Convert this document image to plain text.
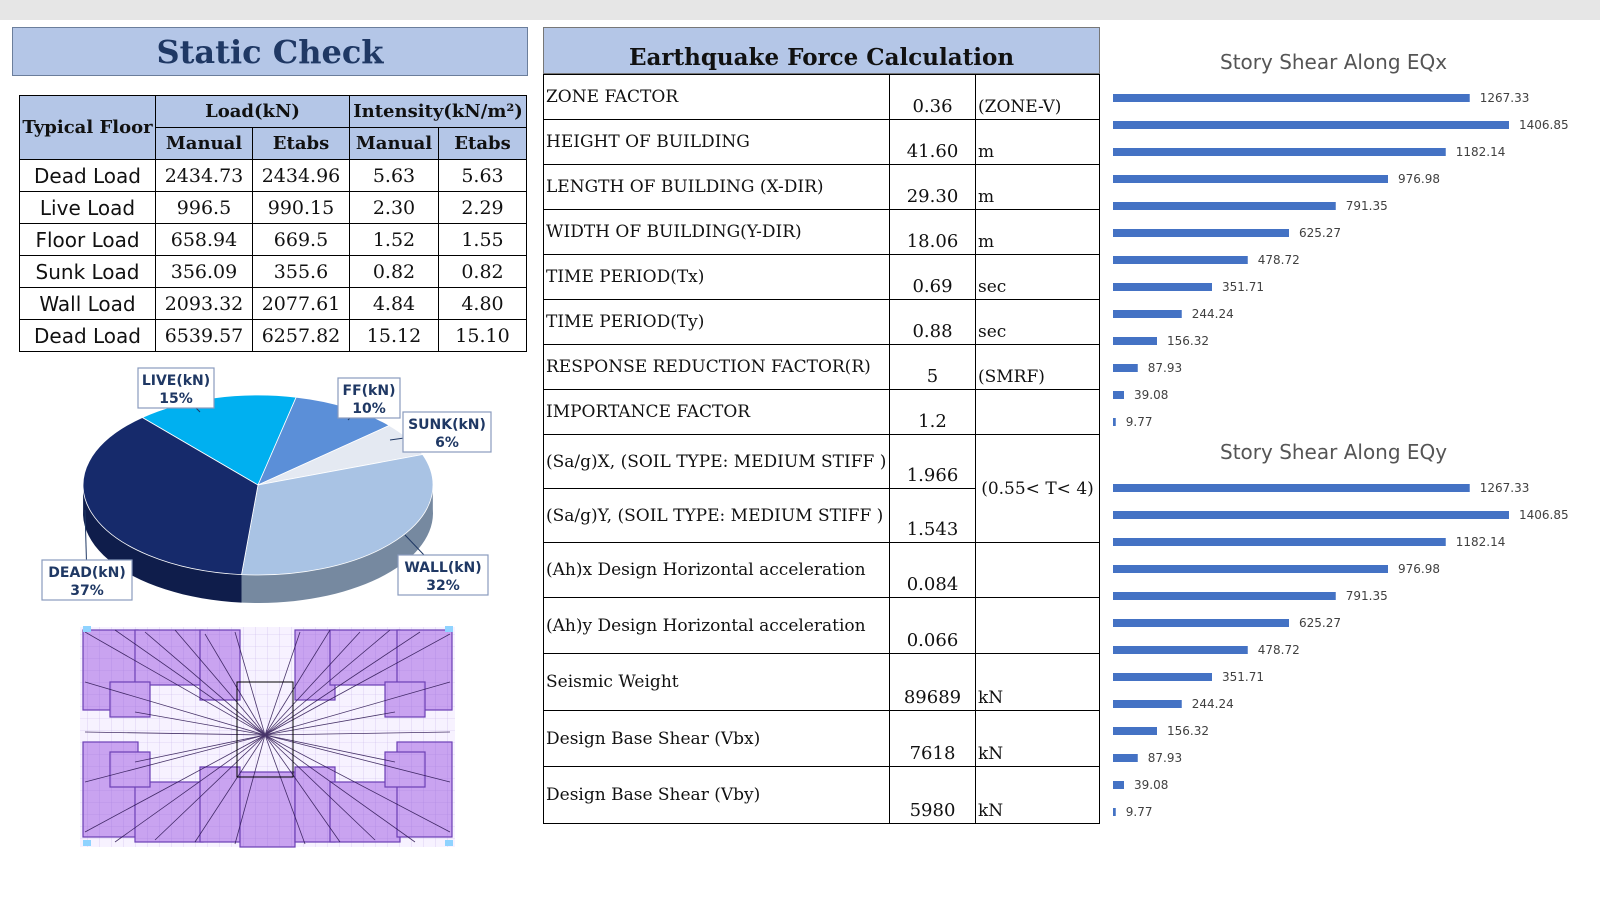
Static Check
Typical Floor	Load(kN)		Intensity(kN/m²)	
	Manual	Etabs	Manual	Etabs
Dead Load	2434.73	2434.96	5.63	5.63
Live Load	996.5	990.15	2.30	2.29
Floor Load	658.94	669.5	1.52	1.55
Sunk Load	356.09	355.6	0.82	0.82
Wall Load	2093.32	2077.61	4.84	4.80
Dead Load	6539.57	6257.82	15.12	15.10
LIVE(kN)
15%	FF(kN)
10%
SUNK(kN)
6%
WALL(kN)
32%
DEAD(kN)
37%
Earthquake Force Calculation
ZONE FACTOR	0.36	(ZONE-V)
HEIGHT OF BUILDING	41.60	m
LENGTH OF BUILDING (X-DIR)	29.30	m
WIDTH OF BUILDING(Y-DIR)	18.06	m
TIME PERIOD(Tx)	0.69	sec
TIME PERIOD(Ty)	0.88	sec
RESPONSE REDUCTION FACTOR(R)	5	(SMRF)
IMPORTANCE FACTOR	1.2	
(Sa/g)X, (SOIL TYPE: MEDIUM STIFF )	1.966	(0.55< T< 4)
(Sa/g)Y, (SOIL TYPE: MEDIUM STIFF )	1.543	
(Ah)x Design Horizontal acceleration	0.084	
(Ah)y Design Horizontal acceleration	0.066	
Seismic Weight	89689	kN
Design Base Shear (Vbx)	7618	kN
Design Base Shear (Vby)	5980	kN
Story Shear Along EQx
1267.33
1406.85
1182.14
976.98
791.35
625.27
478.72
351.71
244.24
156.32
87.93
39.08
9.77
Story Shear Along EQy
1267.33
1406.85
1182.14
976.98
791.35
625.27
478.72
351.71
244.24
156.32
87.93
39.08
9.77
